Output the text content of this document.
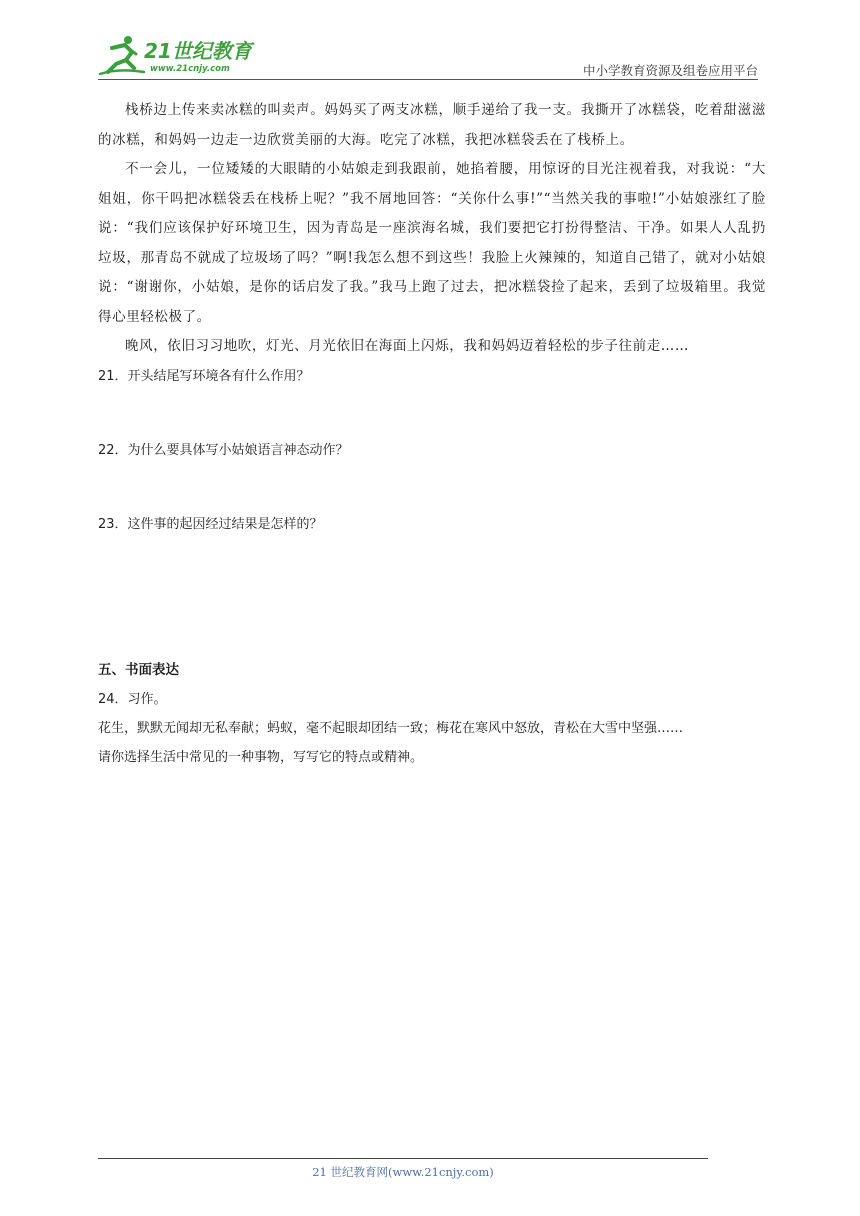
21世纪教育
www.21cnjy.com	中小学教育资源及组卷应用平台

栈桥边上传来卖冰糕的叫卖声。妈妈买了两支冰糕，顺手递给了我一支。我撕开了冰糕袋，吃着甜滋滋的冰糕，和妈妈一边走一边欣赏美丽的大海。吃完了冰糕，我把冰糕袋丢在了栈桥上。

不一会儿，一位矮矮的大眼睛的小姑娘走到我跟前，她掐着腰，用惊讶的目光注视着我，对我说：“大姐姐，你干吗把冰糕袋丢在栈桥上呢？”我不屑地回答：“关你什么事!”“当然关我的事啦!”小姑娘涨红了脸说：“我们应该保护好环境卫生，因为青岛是一座滨海名城，我们要把它打扮得整洁、干净。如果人人乱扔垃圾，那青岛不就成了垃圾场了吗？”啊!我怎么想不到这些！我脸上火辣辣的，知道自己错了，就对小姑娘说：“谢谢你，小姑娘，是你的话启发了我。”我马上跑了过去，把冰糕袋捡了起来，丢到了垃圾箱里。我觉得心里轻松极了。

晚风，依旧习习地吹，灯光、月光依旧在海面上闪烁，我和妈妈迈着轻松的步子往前走……

21．开头结尾写环境各有什么作用？

22．为什么要具体写小姑娘语言神态动作？

23．这件事的起因经过结果是怎样的？

五、书面表达

24．习作。

花生，默默无闻却无私奉献；蚂蚁，毫不起眼却团结一致；梅花在寒风中怒放，青松在大雪中坚强……

请你选择生活中常见的一种事物，写写它的特点或精神。

21 世纪教育网(www.21cnjy.com)
